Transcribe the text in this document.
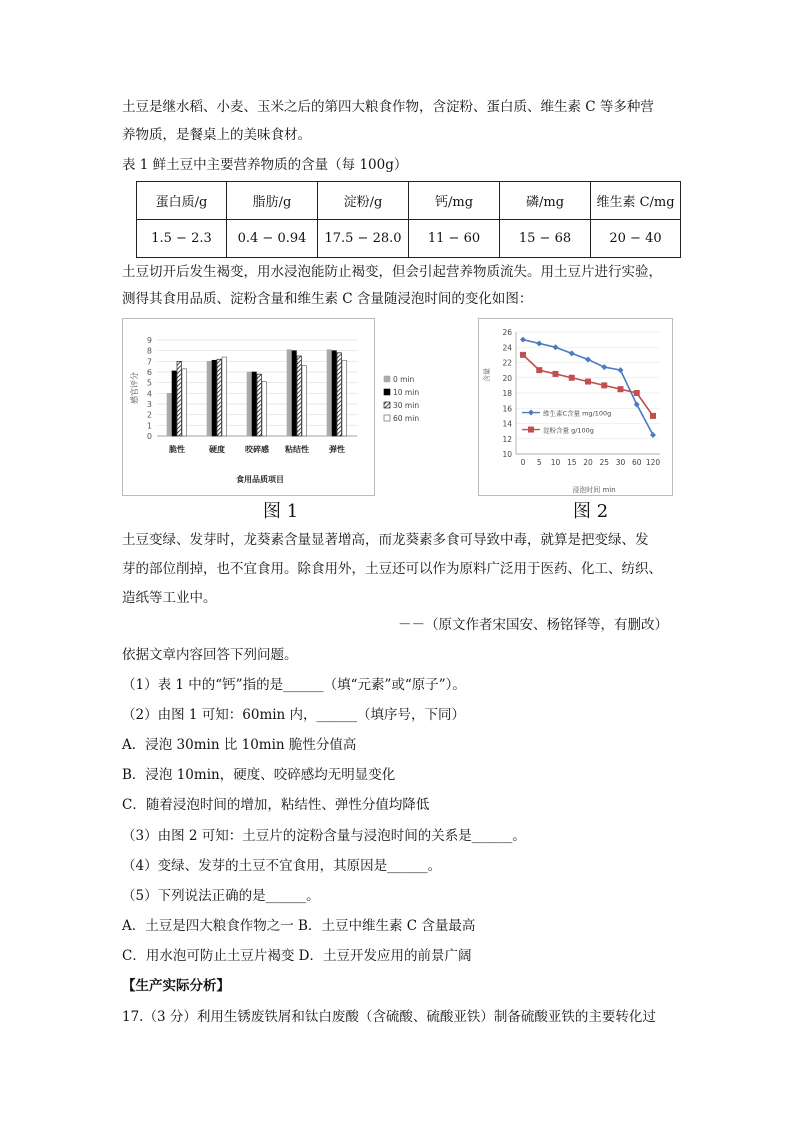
土豆是继水稻、小麦、玉米之后的第四大粮食作物，含淀粉、蛋白质、维生素 C 等多种营
养物质，是餐桌上的美味食材。
表 1 鲜土豆中主要营养物质的含量（每 100g）
蛋白质/g	脂肪/g	淀粉/g	钙/mg	磷/mg	维生素 C/mg
1.5 − 2.3	0.4 − 0.94	17.5 − 28.0	11 − 60	15 − 68	20 − 40
土豆切开后发生褐变，用水浸泡能防止褐变，但会引起营养物质流失。用土豆片进行实验，
测得其食用品质、淀粉含量和维生素 C 含量随浸泡时间的变化如图：
0
1
2
3
4
5
6
7
8
9
脆性	硬度	咬碎感 粘结性	弹性
感官评分
食用品质项目
0 min
10 min
30 min
60 min
图 1
10
12
14
16
18
20
22
24
26
0 5 10 15 20 25 30 60 120
含量
浸泡时间 min
维生素C含量 mg/100g
淀粉含量 g/100g
图 2
土豆变绿、发芽时，龙葵素含量显著增高，而龙葵素多食可导致中毒，就算是把变绿、发
芽的部位削掉，也不宜食用。除食用外，土豆还可以作为原料广泛用于医药、化工、纺织、
造纸等工业中。
－－（原文作者宋国安、杨铭铎等，有删改）
依据文章内容回答下列问题。
（1）表 1 中的“钙”指的是______（填“元素”或“原子”）。
（2）由图 1 可知：60min 内，______（填序号，下同）
A．浸泡 30min 比 10min 脆性分值高
B．浸泡 10min，硬度、咬碎感均无明显变化
C．随着浸泡时间的增加，粘结性、弹性分值均降低
（3）由图 2 可知：土豆片的淀粉含量与浸泡时间的关系是______。
（4）变绿、发芽的土豆不宜食用，其原因是______。
（5）下列说法正确的是______。
A．土豆是四大粮食作物之一 B．土豆中维生素 C 含量最高
C．用水泡可防止土豆片褐变 D．土豆开发应用的前景广阔
【生产实际分析】
17.（3 分）利用生锈废铁屑和钛白废酸（含硫酸、硫酸亚铁）制备硫酸亚铁的主要转化过
